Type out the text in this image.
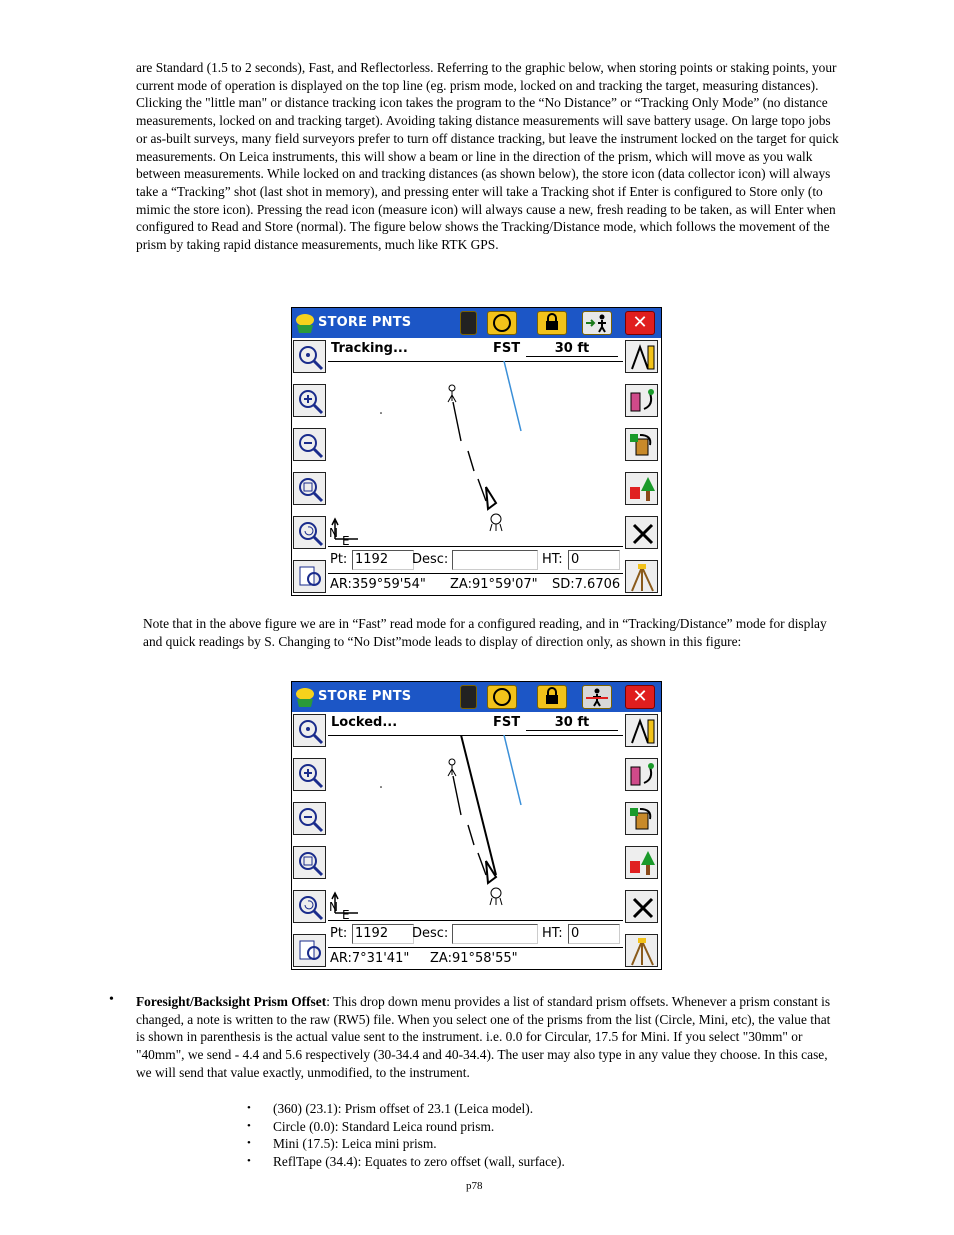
are Standard (1.5 to 2 seconds), Fast, and Reflectorless. Referring to the graphic below, when storing points or staking points, your current mode of operation is displayed on the top line (eg. prism mode, locked on and tracking the target, measuring distances). Clicking the "little man" or distance tracking icon takes the program to the “No Distance” or “Tracking Only Mode” (no distance measurements, locked on and tracking target). Avoiding taking distance measurements will save battery usage. On large topo jobs or as-built surveys, many field surveyors prefer to turn off distance tracking, but leave the instrument locked on the target for quick measurements. On Leica instruments, this will show a beam or line in the direction of the prism, which will move as you walk between measurements. While locked on and tracking distances (as shown below), the store icon (data collector icon) will always take a “Tracking” shot (last shot in memory), and pressing enter will take a Tracking shot if Enter is configured to Store only (to mimic the store icon). Pressing the read icon (measure icon) will always cause a new, fresh reading to be taken, as will Enter when configured to Read and Store (normal). The figure below shows the Tracking/Distance mode, which follows the movement of the prism by taking rapid distance measurements, much like RTK GPS.
STORE PNTS	✕
Tracking...	FST	30 ft
N
E
Pt: 1192	Desc:	HT: 0
AR:359°59'54" ZA:91°59'07" SD:7.6706
Note that in the above figure we are in “Fast” read mode for a configured reading, and in “Tracking/Distance” mode for display and quick readings by S. Changing to “No Dist”mode leads to display of direction only, as shown in this figure:
STORE PNTS	✕
Locked...	FST	30 ft
N
E
Pt: 1192	Desc:	HT: 0
AR:7°31'41" ZA:91°58'55"
• Foresight/Backsight Prism Offset: This drop down menu provides a list of standard prism offsets. Whenever a prism constant is changed, a note is written to the raw (RW5) file. When you select one of the prisms from the list (Circle, Mini, etc), the value that is shown in parenthesis is the actual value sent to the instrument. i.e. 0.0 for Circular, 17.5 for Mini. If you select "30mm" or "40mm", we send - 4.4 and 5.6 respectively (30-34.4 and 40-34.4). The user may also type in any value they choose. In this case, we will send that value exactly, unmodified, to the instrument.
• (360) (23.1): Prism offset of 23.1 (Leica model).
• Circle (0.0): Standard Leica round prism.
• Mini (17.5): Leica mini prism.
• ReflTape (34.4): Equates to zero offset (wall, surface).
p78
